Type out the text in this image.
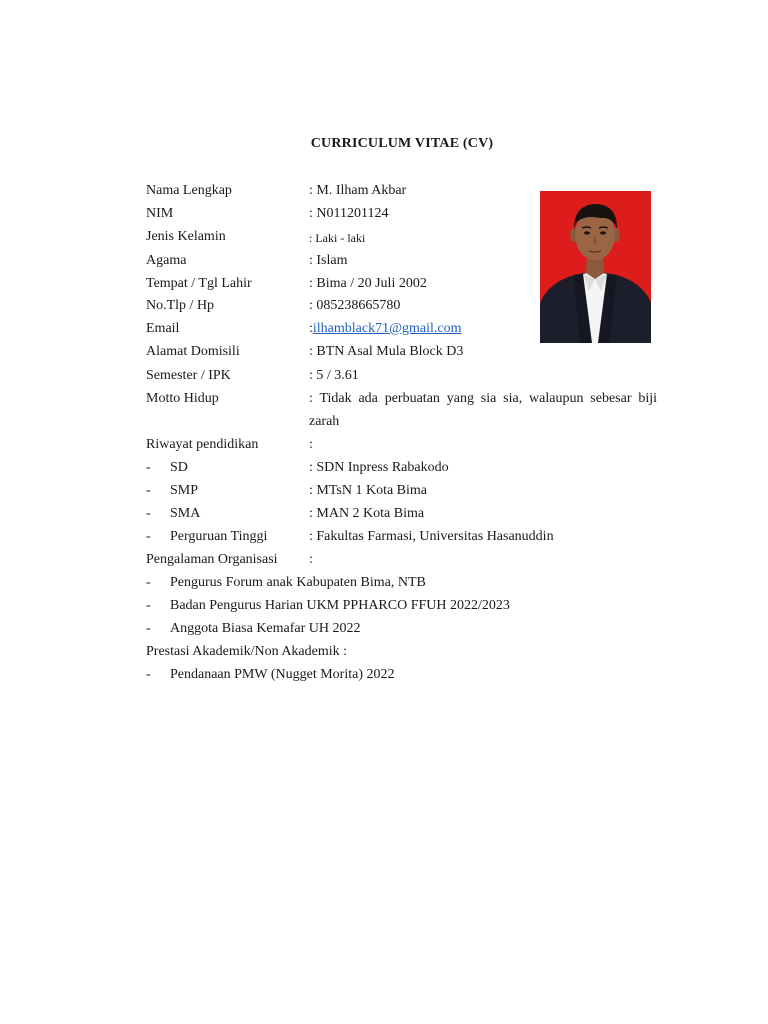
CURRICULUM VITAE (CV)
Nama Lengkap	: M. Ilham Akbar
NIM	: N011201124
Jenis Kelamin	: Laki - laki
Agama	: Islam
Tempat / Tgl Lahir	: Bima / 20 Juli 2002
No.Tlp / Hp	: 085238665780
Email	:ilhamblack71@gmail.com
Alamat Domisili	: BTN Asal Mula Block D3
Semester / IPK	: 5 / 3.61
Motto Hidup	: Tidak ada perbuatan yang sia sia, walaupun sebesar biji zarah
Riwayat pendidikan	:
- SD	: SDN Inpress Rabakodo
- SMP	: MTsN 1 Kota Bima
- SMA	: MAN 2 Kota Bima
- Perguruan Tinggi	: Fakultas Farmasi, Universitas Hasanuddin
Pengalaman Organisasi :
- Pengurus Forum anak Kabupaten Bima, NTB
- Badan Pengurus Harian UKM PPHARCO FFUH 2022/2023
- Anggota Biasa Kemafar UH 2022
Prestasi Akademik/Non Akademik :
- Pendanaan PMW (Nugget Morita) 2022
